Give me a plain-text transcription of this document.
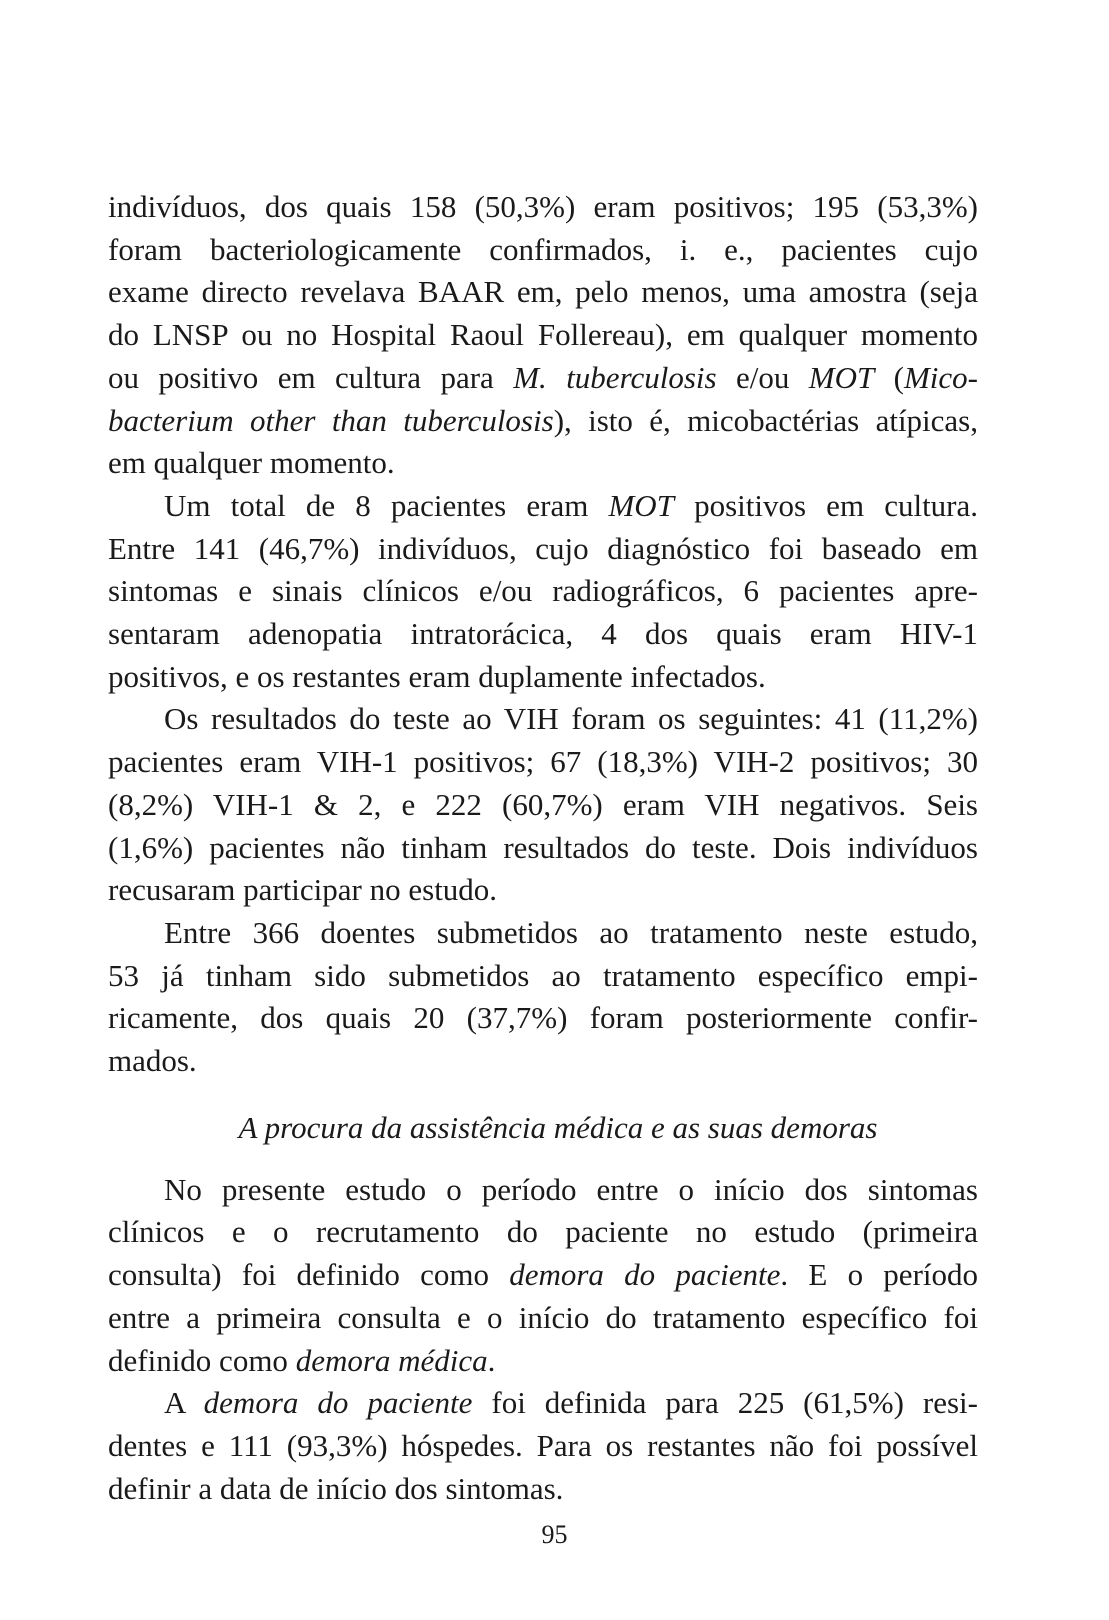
indivíduos, dos quais 158 (50,3%) eram positivos; 195 (53,3%)
foram bacteriologicamente confirmados, i. e., pacientes cujo
exame directo revelava BAAR em, pelo menos, uma amostra (seja
do LNSP ou no Hospital Raoul Follereau), em qualquer momento
ou positivo em cultura para M. tuberculosis e/ou MOT (Mico-
bacterium other than tuberculosis), isto é, micobactérias atípicas,
em qualquer momento.
Um total de 8 pacientes eram MOT positivos em cultura.
Entre 141 (46,7%) indivíduos, cujo diagnóstico foi baseado em
sintomas e sinais clínicos e/ou radiográficos, 6 pacientes apre-
sentaram adenopatia intratorácica, 4 dos quais eram HIV-1
positivos, e os restantes eram duplamente infectados.
Os resultados do teste ao VIH foram os seguintes: 41 (11,2%)
pacientes eram VIH-1 positivos; 67 (18,3%) VIH-2 positivos; 30
(8,2%) VIH-1 & 2, e 222 (60,7%) eram VIH negativos. Seis
(1,6%) pacientes não tinham resultados do teste. Dois indivíduos
recusaram participar no estudo.
Entre 366 doentes submetidos ao tratamento neste estudo,
53 já tinham sido submetidos ao tratamento específico empi-
ricamente, dos quais 20 (37,7%) foram posteriormente confir-
mados.
A procura da assistência médica e as suas demoras
No presente estudo o período entre o início dos sintomas
clínicos e o recrutamento do paciente no estudo (primeira
consulta) foi definido como demora do paciente. E o período
entre a primeira consulta e o início do tratamento específico foi
definido como demora médica.
A demora do paciente foi definida para 225 (61,5%) resi-
dentes e 111 (93,3%) hóspedes. Para os restantes não foi possível
definir a data de início dos sintomas.
95
